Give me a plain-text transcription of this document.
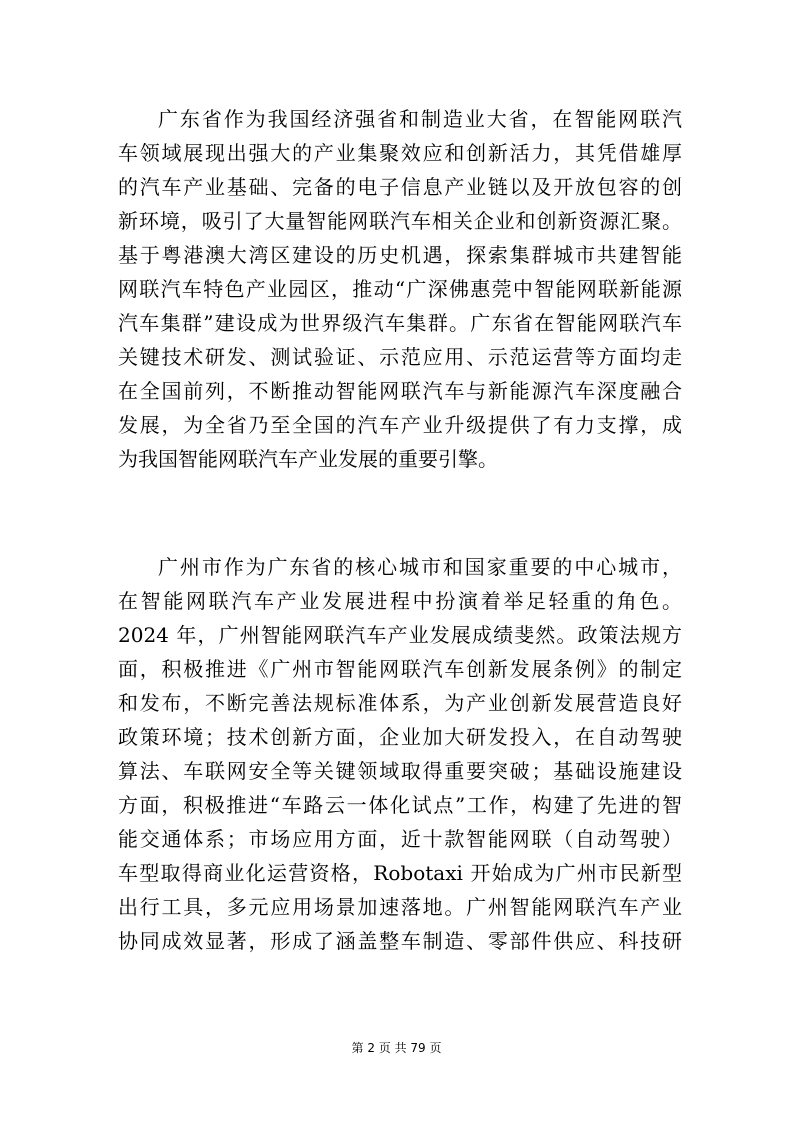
广东省作为我国经济强省和制造业大省，在智能网联汽
车领域展现出强大的产业集聚效应和创新活力，其凭借雄厚
的汽车产业基础、完备的电子信息产业链以及开放包容的创
新环境，吸引了大量智能网联汽车相关企业和创新资源汇聚。
基于粤港澳大湾区建设的历史机遇，探索集群城市共建智能
网联汽车特色产业园区，推动“广深佛惠莞中智能网联新能源
汽车集群”建设成为世界级汽车集群。广东省在智能网联汽车
关键技术研发、测试验证、示范应用、示范运营等方面均走
在全国前列，不断推动智能网联汽车与新能源汽车深度融合
发展，为全省乃至全国的汽车产业升级提供了有力支撑，成
为我国智能网联汽车产业发展的重要引擎。
广州市作为广东省的核心城市和国家重要的中心城市，
在智能网联汽车产业发展进程中扮演着举足轻重的角色。
2024 年，广州智能网联汽车产业发展成绩斐然。政策法规方
面，积极推进《广州市智能网联汽车创新发展条例》的制定
和发布，不断完善法规标准体系，为产业创新发展营造良好
政策环境；技术创新方面，企业加大研发投入，在自动驾驶
算法、车联网安全等关键领域取得重要突破；基础设施建设
方面，积极推进“车路云一体化试点”工作，构建了先进的智
能交通体系；市场应用方面，近十款智能网联（自动驾驶）
车型取得商业化运营资格，Robotaxi 开始成为广州市民新型
出行工具，多元应用场景加速落地。广州智能网联汽车产业
协同成效显著，形成了涵盖整车制造、零部件供应、科技研
第 2 页 共 79 页
